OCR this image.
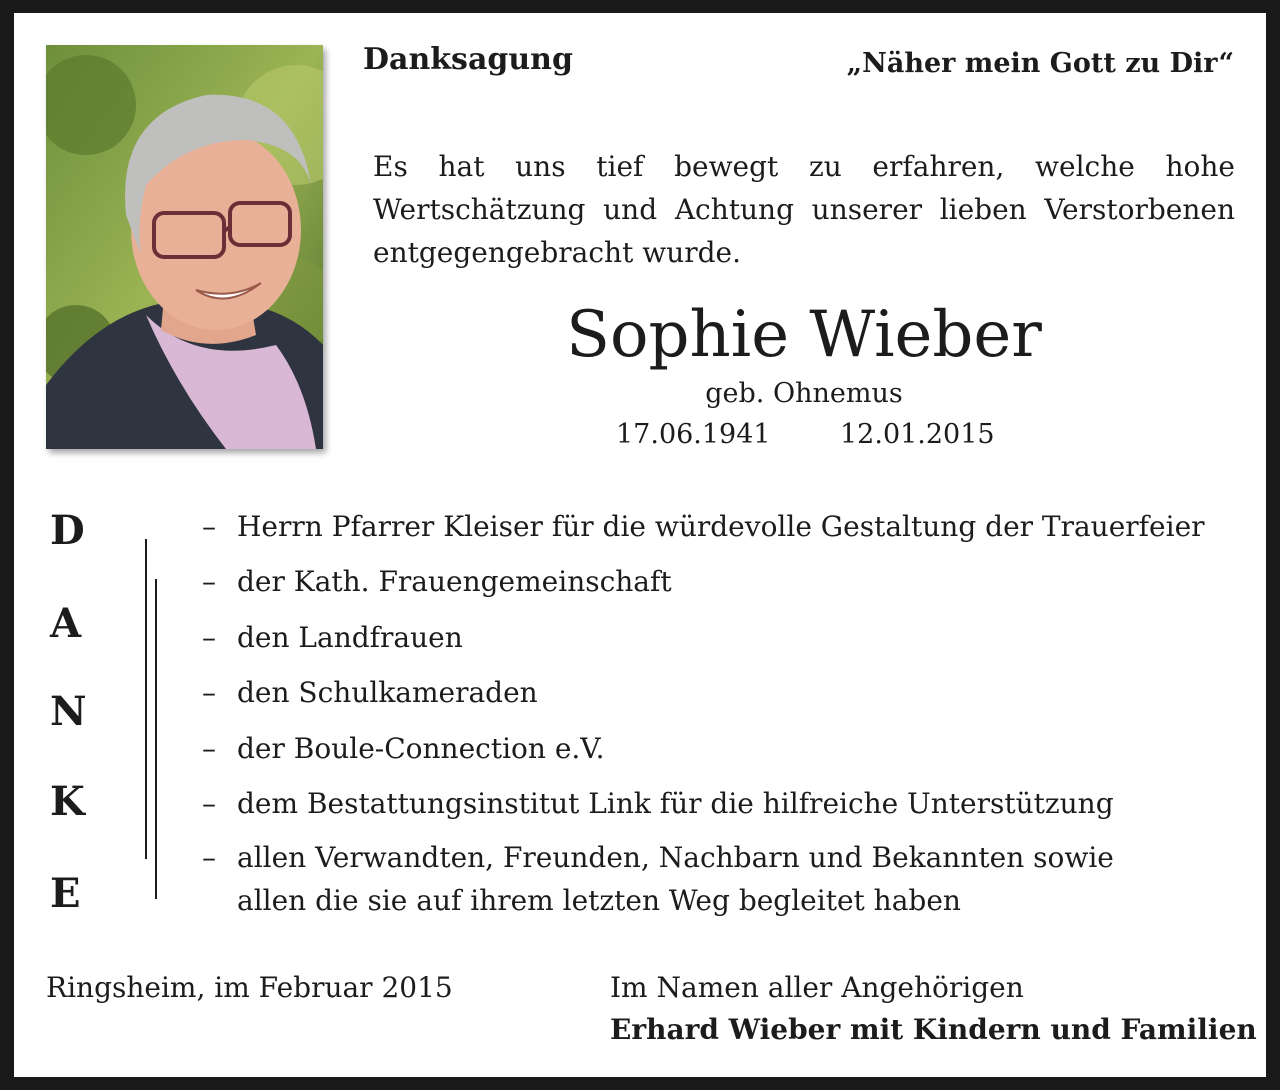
Danksagung	„Näher mein Gott zu Dir“
Es hat uns tief bewegt zu erfahren, welche hohe Wertschätzung und Achtung unserer lieben Verstorbenen entgegengebracht wurde.
Sophie Wieber
geb. Ohnemus
17.06.1941	12.01.2015
D
A
N
K
E
– Herrn Pfarrer Kleiser für die würdevolle Gestaltung der Trauerfeier
– der Kath. Frauengemeinschaft
– den Landfrauen
– den Schulkameraden
– der Boule-Connection e.V.
– dem Bestattungsinstitut Link für die hilfreiche Unterstützung
– allen Verwandten, Freunden, Nachbarn und Bekannten sowie
allen die sie auf ihrem letzten Weg begleitet haben
Ringsheim, im Februar 2015	Im Namen aller Angehörigen
Erhard Wieber mit Kindern und Familien
